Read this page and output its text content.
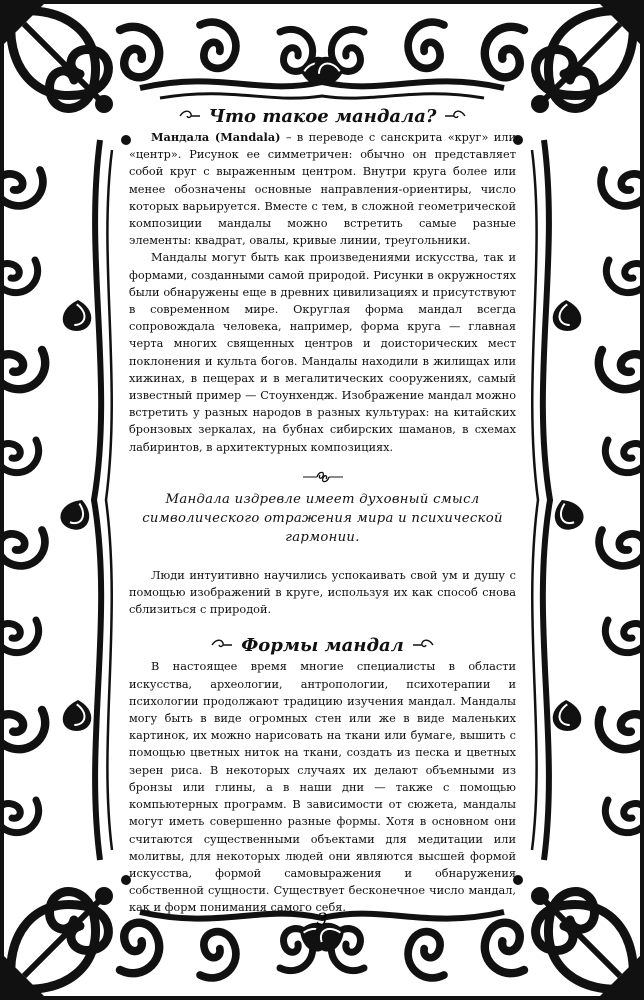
Что такое мандала?

Мандала (Mandala) – в переводе с санскрита «круг» или «центр». Рисунок ее симметричен: обычно он представляет собой круг с выраженным центром. Внутри круга более или менее обозначены основные направления-ориентиры, число которых варьируется. Вместе с тем, в сложной геометрической композиции мандалы можно встретить самые разные элементы: квадрат, овалы, кривые линии, треугольники.

Мандалы могут быть как произведениями искусства, так и формами, созданными самой природой. Рисунки в окружностях были обнаружены еще в древних цивилизациях и присутствуют в современном мире. Округлая форма мандал всегда сопровождала человека, например, форма круга — главная черта многих священных центров и доисторических мест поклонения и культа богов. Мандалы находили в жилищах или хижинах, в пещерах и в мегалитических сооружениях, самый известный пример — Стоунхендж. Изображение мандал можно встретить у разных народов в разных культурах: на китайских бронзовых зеркалах, на бубнах сибирских шаманов, в схемах лабиринтов, в архитектурных композициях.

Мандала издревле имеет духовный смысл символического отражения мира и психической гармонии.

Люди интуитивно научились успокаивать свой ум и душу с помощью изображений в круге, используя их как способ снова сблизиться с природой.

Формы мандал

В настоящее время многие специалисты в области искусства, археологии, антропологии, психотерапии и психологии продолжают традицию изучения мандал. Мандалы могу быть в виде огромных стен или же в виде маленьких картинок, их можно нарисовать на ткани или бумаге, вышить с помощью цветных ниток на ткани, создать из песка и цветных зерен риса. В некоторых случаях их делают объемными из бронзы или глины, а в наши дни — также с помощью компьютерных программ. В зависимости от сюжета, мандалы могут иметь совершенно разные формы. Хотя в основном они считаются существенными объектами для медитации или молитвы, для некоторых людей они являются высшей формой искусства, формой самовыражения и обнаружения собственной сущности. Существует бесконечное число мандал, как и форм понимания самого себя.

3
